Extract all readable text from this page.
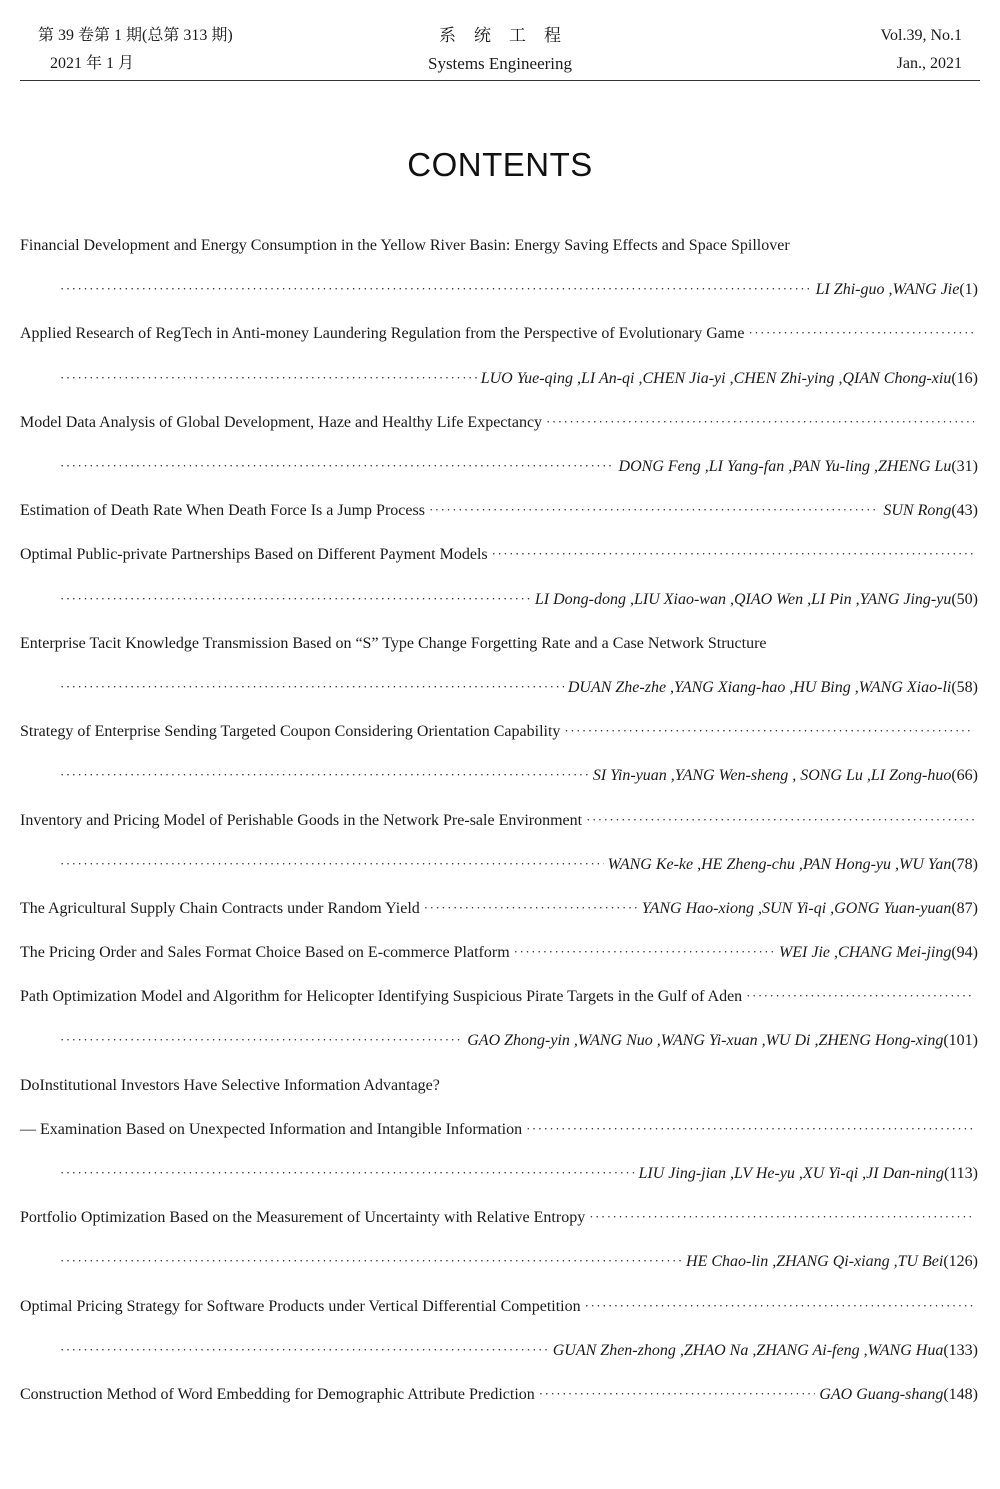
第 39 卷第 1 期(总第 313 期)
2021 年 1 月
系统工程
Systems Engineering
Vol.39, No.1
Jan., 2021
CONTENTS
Financial Development and Energy Consumption in the Yellow River Basin: Energy Saving Effects and Space Spillover
·····
LI Zhi-guo ,WANG Jie (1)
Applied Research of RegTech in Anti-money Laundering Regulation from the Perspective of Evolutionary Game
·····
·····
LUO Yue-qing ,LI An-qi ,CHEN Jia-yi ,CHEN Zhi-ying ,QIAN Chong-xiu (16)
Model Data Analysis of Global Development, Haze and Healthy Life Expectancy
·····
·····
DONG Feng ,LI Yang-fan ,PAN Yu-ling ,ZHENG Lu (31)
Estimation of Death Rate When Death Force Is a Jump Process ·····	SUN Rong (43)
Optimal Public-private Partnerships Based on Different Payment Models
·····
·····
LI Dong-dong ,LIU Xiao-wan ,QIAO Wen ,LI Pin ,YANG Jing-yu (50)
Enterprise Tacit Knowledge Transmission Based on “S” Type Change Forgetting Rate and a Case Network Structure
·····
DUAN Zhe-zhe ,YANG Xiang-hao ,HU Bing ,WANG Xiao-li (58)
Strategy of Enterprise Sending Targeted Coupon Considering Orientation Capability
·····
·····
SI Yin-yuan ,YANG Wen-sheng , SONG Lu ,LI Zong-huo (66)
Inventory and Pricing Model of Perishable Goods in the Network Pre-sale Environment
·····
·····
WANG Ke-ke ,HE Zheng-chu ,PAN Hong-yu ,WU Yan (78)
The Agricultural Supply Chain Contracts under Random Yield ·····	YANG Hao-xiong ,SUN Yi-qi ,GONG Yuan-yuan (87)
The Pricing Order and Sales Format Choice Based on E-commerce Platform ·····	WEI Jie ,CHANG Mei-jing (94)
Path Optimization Model and Algorithm for Helicopter Identifying Suspicious Pirate Targets in the Gulf of Aden
·····
·····
GAO Zhong-yin ,WANG Nuo ,WANG Yi-xuan ,WU Di ,ZHENG Hong-xing (101)
DoInstitutional Investors Have Selective Information Advantage?
— Examination Based on Unexpected Information and Intangible Information
·····
·····
LIU Jing-jian ,LV He-yu ,XU Yi-qi ,JI Dan-ning (113)
Portfolio Optimization Based on the Measurement of Uncertainty with Relative Entropy
·····
·····
HE Chao-lin ,ZHANG Qi-xiang ,TU Bei (126)
Optimal Pricing Strategy for Software Products under Vertical Differential Competition
·····
·····
GUAN Zhen-zhong ,ZHAO Na ,ZHANG Ai-feng ,WANG Hua (133)
Construction Method of Word Embedding for Demographic Attribute Prediction ·····	GAO Guang-shang (148)
